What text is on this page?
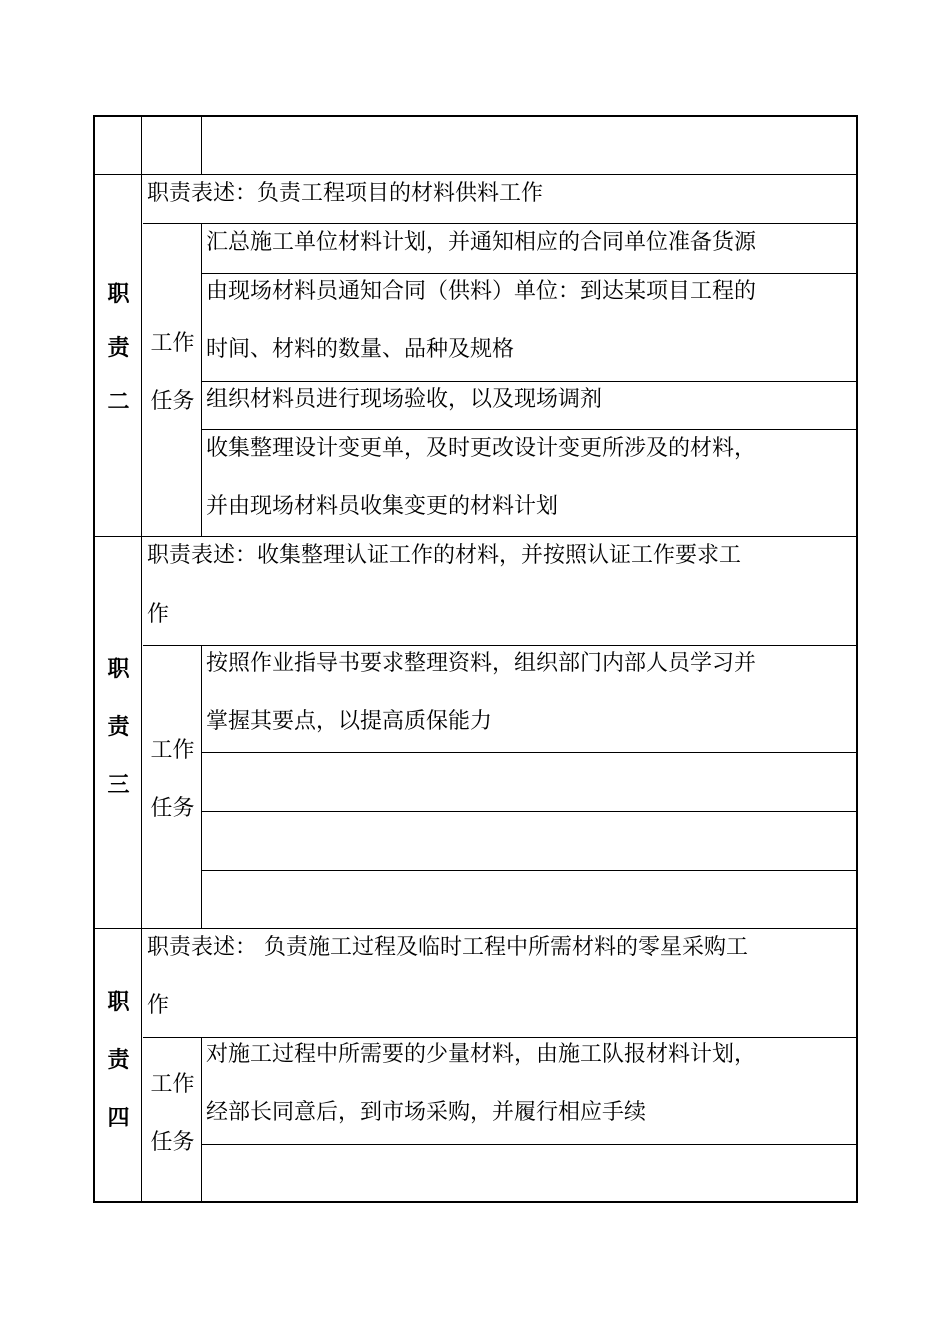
职
责
二
职责表述：负责工程项目的材料供料工作
工作
任务
汇总施工单位材料计划，并通知相应的合同单位准备货源
由现场材料员通知合同（供料）单位：到达某项目工程的
时间、材料的数量、品种及规格
组织材料员进行现场验收，以及现场调剂
收集整理设计变更单，及时更改设计变更所涉及的材料，
并由现场材料员收集变更的材料计划
职
责
三
职责表述：收集整理认证工作的材料，并按照认证工作要求工
作
工作
任务
按照作业指导书要求整理资料，组织部门内部人员学习并
掌握其要点，以提高质保能力
职
责
四
职责表述： 负责施工过程及临时工程中所需材料的零星采购工
作
工作
任务
对施工过程中所需要的少量材料，由施工队报材料计划，
经部长同意后，到市场采购，并履行相应手续
